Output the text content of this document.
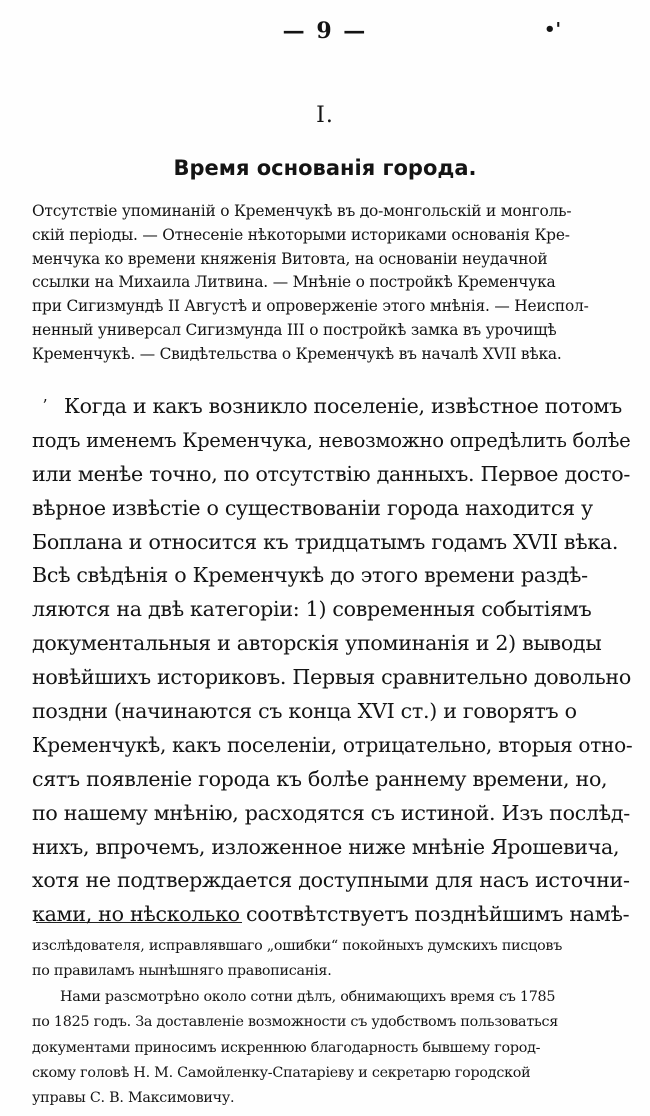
— 9 —	•'
I.
Время основанія города.
Отсутствіе упоминаній о Кременчукѣ въ до-монгольскій и монголь-
скій періоды. — Отнесеніе нѣкоторыми историками основанія Кре-
менчука ко времени княженія Витовта, на основаніи неудачной
ссылки на Михаила Литвина. — Мнѣніе о постройкѣ Кременчука
при Сигизмундѣ II Августѣ и опроверженіе этого мнѣнія. — Неиспол-
ненный универсал Сигизмунда III о постройкѣ замка въ урочищѣ
Кременчукѣ. — Свидѣтельства о Кременчукѣ въ началѣ XVII вѣка.
ʼ Когда и какъ возникло поселеніе, извѣстное потомъ
подъ именемъ Кременчука, невозможно опредѣлить болѣе
или менѣе точно, по отсутствію данныхъ. Первое досто-
вѣрное извѣстіе о существованіи города находится у
Боплана и относится къ тридцатымъ годамъ XVII вѣка.
Всѣ свѣдѣнія о Кременчукѣ до этого времени раздѣ-
ляются на двѣ категоріи: 1) современныя событіямъ
документальныя и авторскія упоминанія и 2) выводы
новѣйшихъ историковъ. Первыя сравнительно довольно
поздни (начинаются съ конца XVI ст.) и говорятъ о
Кременчукѣ, какъ поселеніи, отрицательно, вторыя отно-
сятъ появленіе города къ болѣе раннему времени, но,
по нашему мнѣнію, расходятся съ истиной. Изъ послѣд-
нихъ, впрочемъ, изложенное ниже мнѣніе Ярошевича,
хотя не подтверждается доступными для насъ источни-
ками, но нѣсколько соотвѣтствуетъ позднѣйшимъ намѣ-
изслѣдователя, исправлявшаго „ошибки“ покойныхъ думскихъ писцовъ
по правиламъ нынѣшняго правописанія.
Нами разсмотрѣно около сотни дѣлъ, обнимающихъ время съ 1785
по 1825 годъ. За доставленіе возможности съ удобствомъ пользоваться
документами приносимъ искреннюю благодарность бывшему город-
скому головѣ Н. М. Самойленку-Спатаріеву и секретарю городской
управы С. В. Максимовичу.
